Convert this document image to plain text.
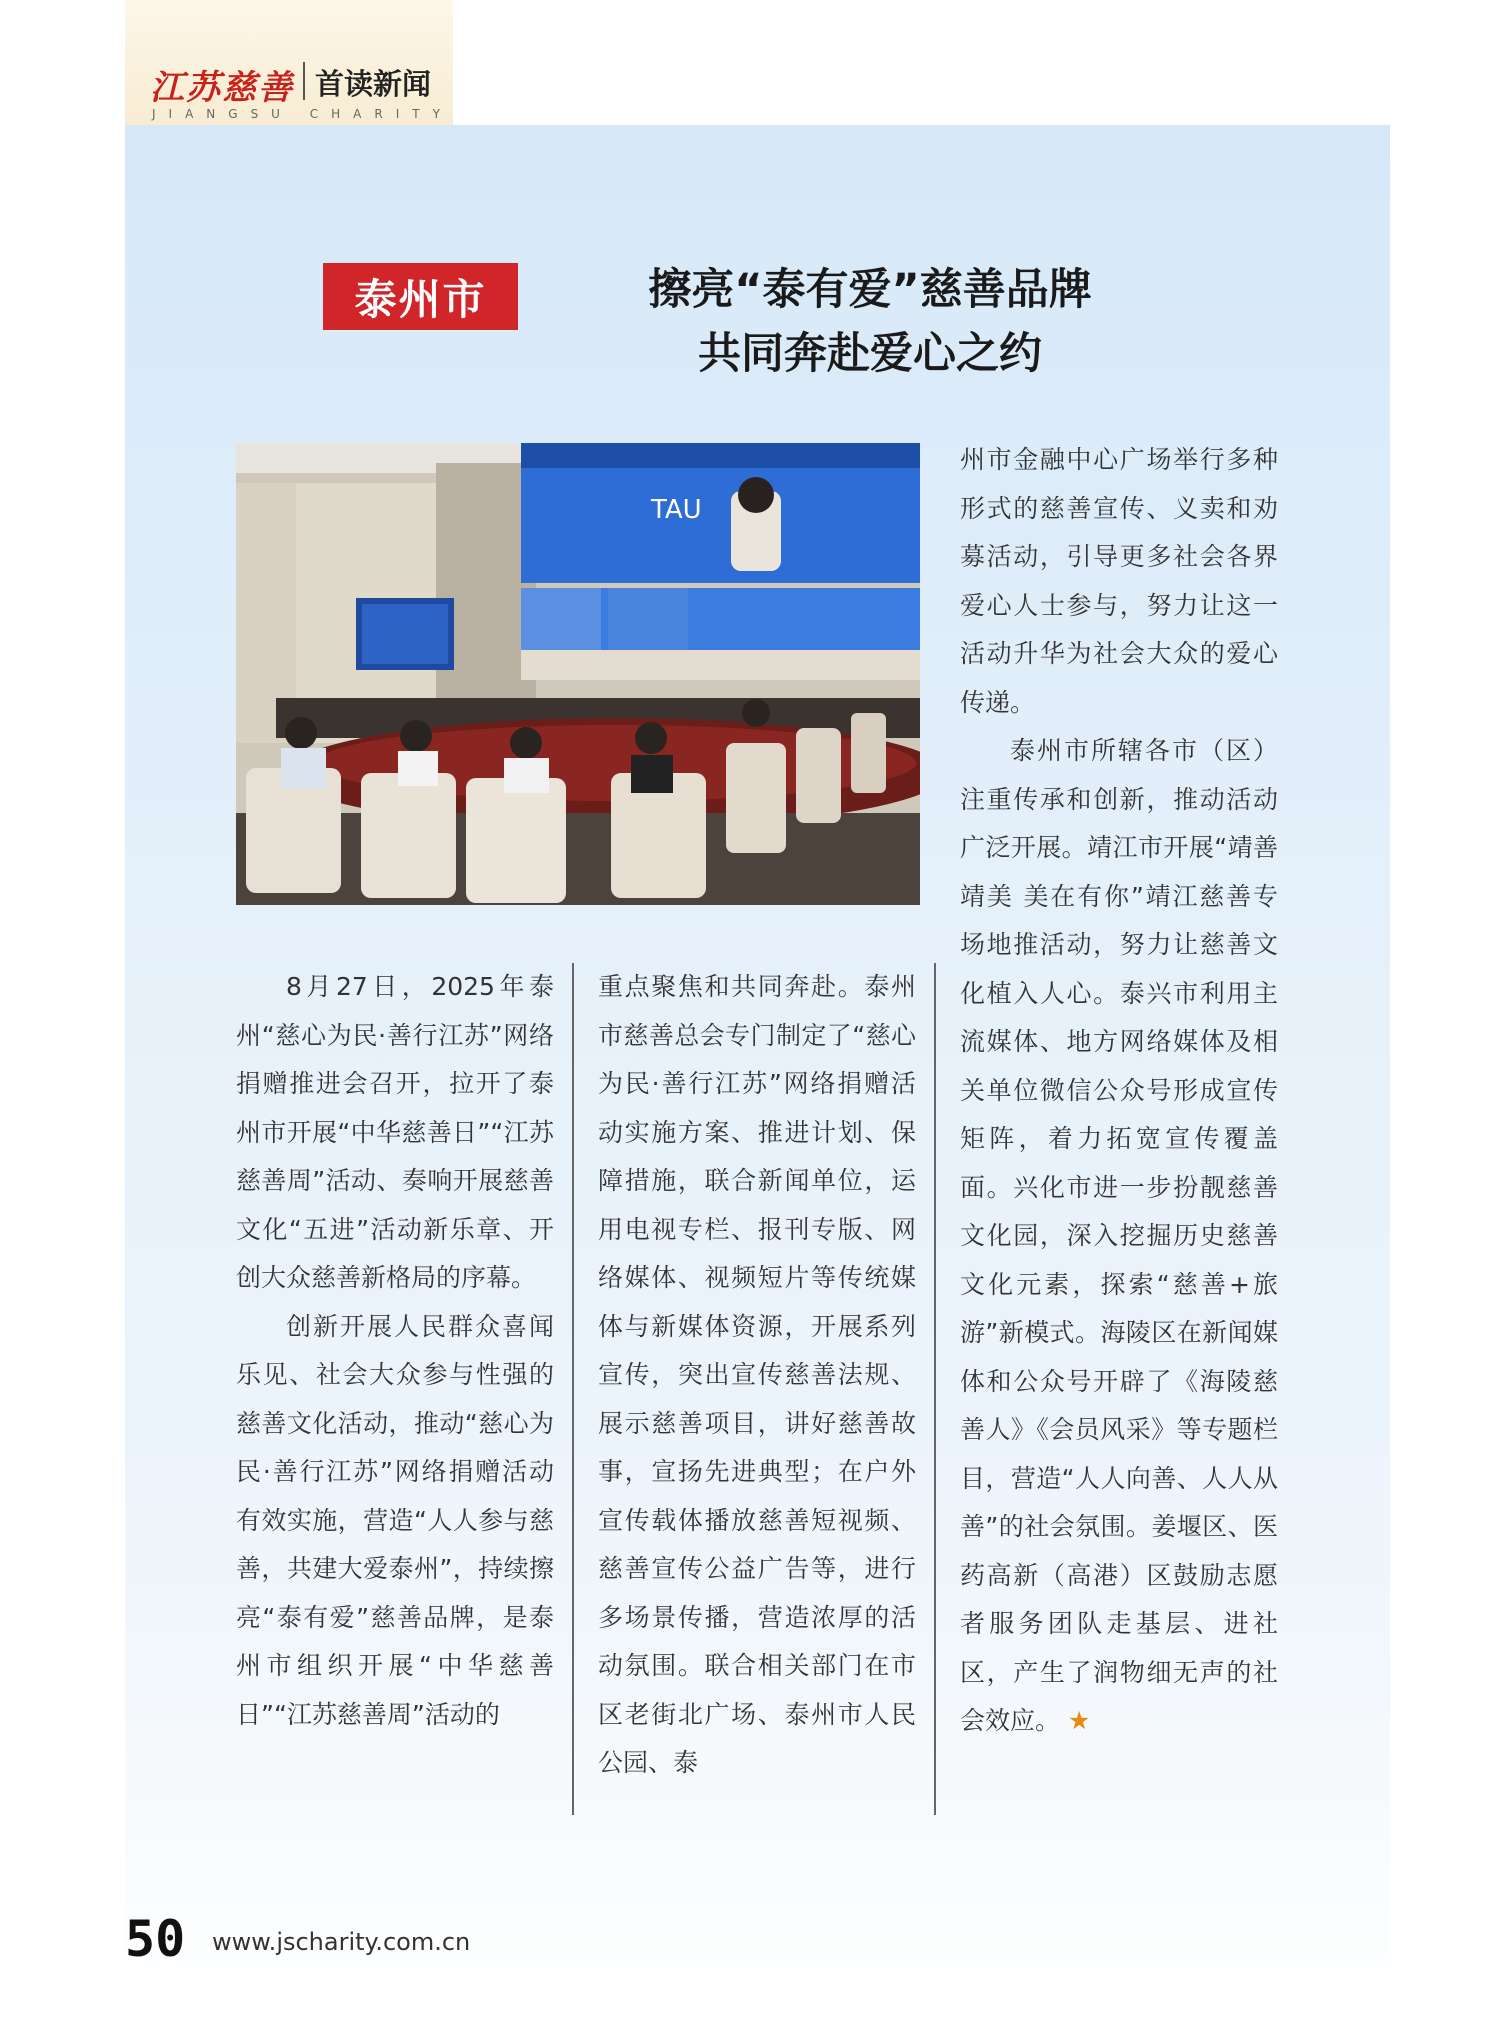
江苏慈善 首读新闻
JIANGSU CHARITY
泰州市	擦亮“泰有爱”慈善品牌
共同奔赴爱心之约
TAU

8月27日，2025年泰州“慈心为民·善行江苏”网络捐赠推进会召开，拉开了泰州市开展“中华慈善日”“江苏慈善周”活动、奏响开展慈善文化“五进”活动新乐章、开创大众慈善新格局的序幕。

创新开展人民群众喜闻乐见、社会大众参与性强的慈善文化活动，推动“慈心为民·善行江苏”网络捐赠活动有效实施，营造“人人参与慈善，共建大爱泰州”，持续擦亮“泰有爱”慈善品牌，是泰州市组织开展“中华慈善日”“江苏慈善周”活动的

重点聚焦和共同奔赴。泰州市慈善总会专门制定了“慈心为民·善行江苏”网络捐赠活动实施方案、推进计划、保障措施，联合新闻单位，运用电视专栏、报刊专版、网络媒体、视频短片等传统媒体与新媒体资源，开展系列宣传，突出宣传慈善法规、展示慈善项目，讲好慈善故事，宣扬先进典型；在户外宣传载体播放慈善短视频、慈善宣传公益广告等，进行多场景传播，营造浓厚的活动氛围。联合相关部门在市区老街北广场、泰州市人民公园、泰

州市金融中心广场举行多种形式的慈善宣传、义卖和劝募活动，引导更多社会各界爱心人士参与，努力让这一活动升华为社会大众的爱心传递。

泰州市所辖各市（区）注重传承和创新，推动活动广泛开展。靖江市开展“靖善靖美 美在有你”靖江慈善专场地推活动，努力让慈善文化植入人心。泰兴市利用主流媒体、地方网络媒体及相关单位微信公众号形成宣传矩阵，着力拓宽宣传覆盖面。兴化市进一步扮靓慈善文化园，深入挖掘历史慈善文化元素，探索“慈善+旅游”新模式。海陵区在新闻媒体和公众号开辟了《海陵慈善人》《会员风采》等专题栏目，营造“人人向善、人人从善”的社会氛围。姜堰区、医药高新（高港）区鼓励志愿者服务团队走基层、进社区，产生了润物细无声的社会效应。 ★

50 www.jscharity.com.cn
